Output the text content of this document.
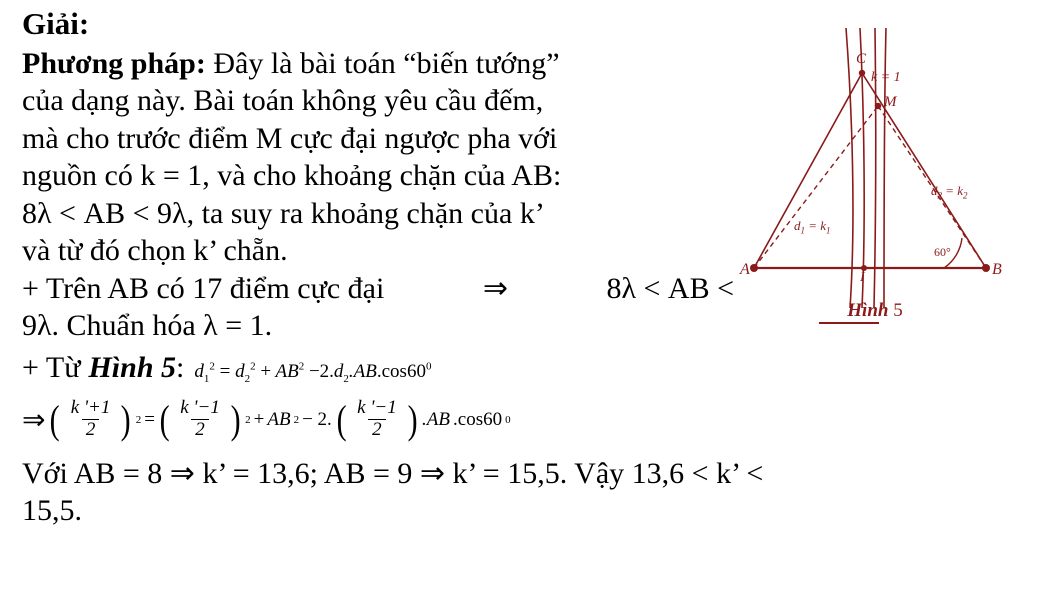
Giải:
Phương pháp: Đây là bài toán “biến tướng”
của dạng này. Bài toán không yêu cầu đếm,
mà cho trước điểm M cực đại ngược pha với
nguồn có k = 1, và cho khoảng chặn của AB:
8λ < AB < 9λ, ta suy ra khoảng chặn của k’
và từ đó chọn k’ chẵn.
+ Trên AB có 17 điểm cực đại	⇒	8λ < AB <
9λ. Chuẩn hóa λ = 1.
+ Từ Hình 5 : $d_1^2 = d_2^2 + AB^2 -2.d_2.AB.\cos 60^0$
⇒ ( $\frac{k '+1}{2}$ ) 2 = ( $\frac{k '-1}{2}$ ) 2 + AB 2 − 2. ( $\frac{k '-1}{2}$ ) .AB .cos60 0
Với AB = 8 ⇒ k’ = 13,6; AB = 9 ⇒ k’ = 15,5. Vậy 13,6 < k’ <
15,5.
A	B
C
M
I
k = 1
$d_2 = k_2$
$d_1 = k_1$
60°
Hình 5
